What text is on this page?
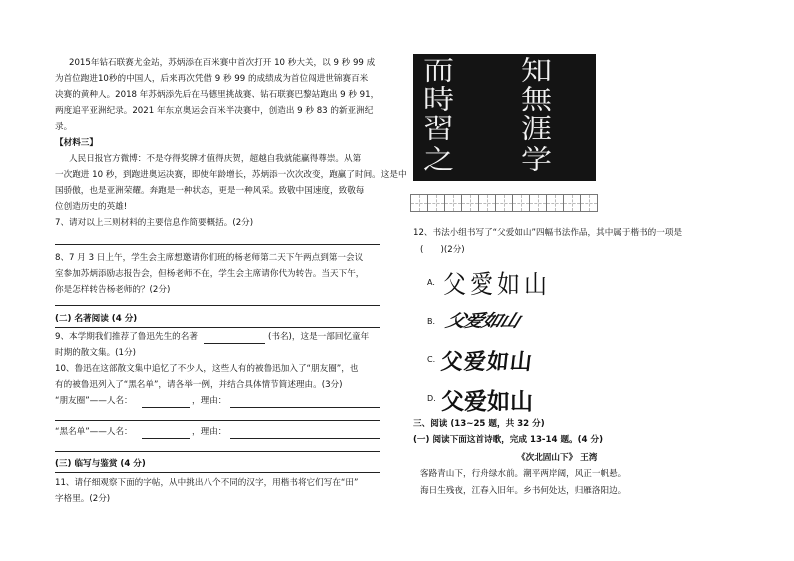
2015年钻石联赛尤金站，苏炳添在百米赛中首次打开 10 秒大关，以 9 秒 99 成
为首位跑进10秒的中国人，后来再次凭借 9 秒 99 的成绩成为首位闯进世锦赛百米
决赛的黄种人。2018 年苏炳添先后在马德里挑战赛、钻石联赛巴黎站跑出 9 秒 91，
两度追平亚洲纪录。2021 年东京奥运会百米半决赛中，创造出 9 秒 83 的新亚洲纪
录。
【材料三】
人民日报官方微博：不是夺得奖牌才值得庆贺，超越自我就能赢得尊崇。从第
一次跑进 10 秒，到跑进奥运决赛，即使年龄增长，苏炳添一次次改变，跑赢了时间。这是中
国骄傲，也是亚洲荣耀。奔跑是一种状态，更是一种风采。致敬中国速度，致敬每
位创造历史的英雄!
7、请对以上三则材料的主要信息作简要概括。(2分)
8、7 月 3 日上午，学生会主席想邀请你们班的杨老师第二天下午两点到第一会议
室参加苏炳添励志报告会，但杨老师不在，学生会主席请你代为转告。当天下午，
你是怎样转告杨老师的？(2分)
(二) 名著阅读 (4 分)
9、本学期我们推荐了鲁迅先生的名著	(书名)，这是一部回忆童年
时期的散文集。(1分)
10、鲁迅在这部散文集中追忆了不少人，这些人有的被鲁迅加入了“朋友圈”，也
有的被鲁迅列入了“黑名单”，请各举一例，并结合具体情节简述理由。(3分)
“朋友圈”——人名：	，理由：
“黑名单”——人名：	，理由：
(三) 临写与鉴赏 (4 分)
11、请仔细观察下面的字帖，从中挑出八个不同的汉字，用楷书将它们写在“田”
字格里。(2分)
而 知
時 無
習 涯
之 学
12、书法小组书写了“父爱如山”四幅书法作品，其中属于楷书的一项是
(　　)(2分)
A. 父愛如山
B. 父爱如山
C. 父爱如山
D. 父爱如山
三、阅读 (13~25 题，共 32 分)
(一) 阅读下面这首诗歌，完成 13-14 题。(4 分)
《次北固山下》 王湾
客路青山下，行舟绿水前。潮平两岸阔，风正一帆悬。
海日生残夜，江春入旧年。乡书何处达，归雁洛阳边。
